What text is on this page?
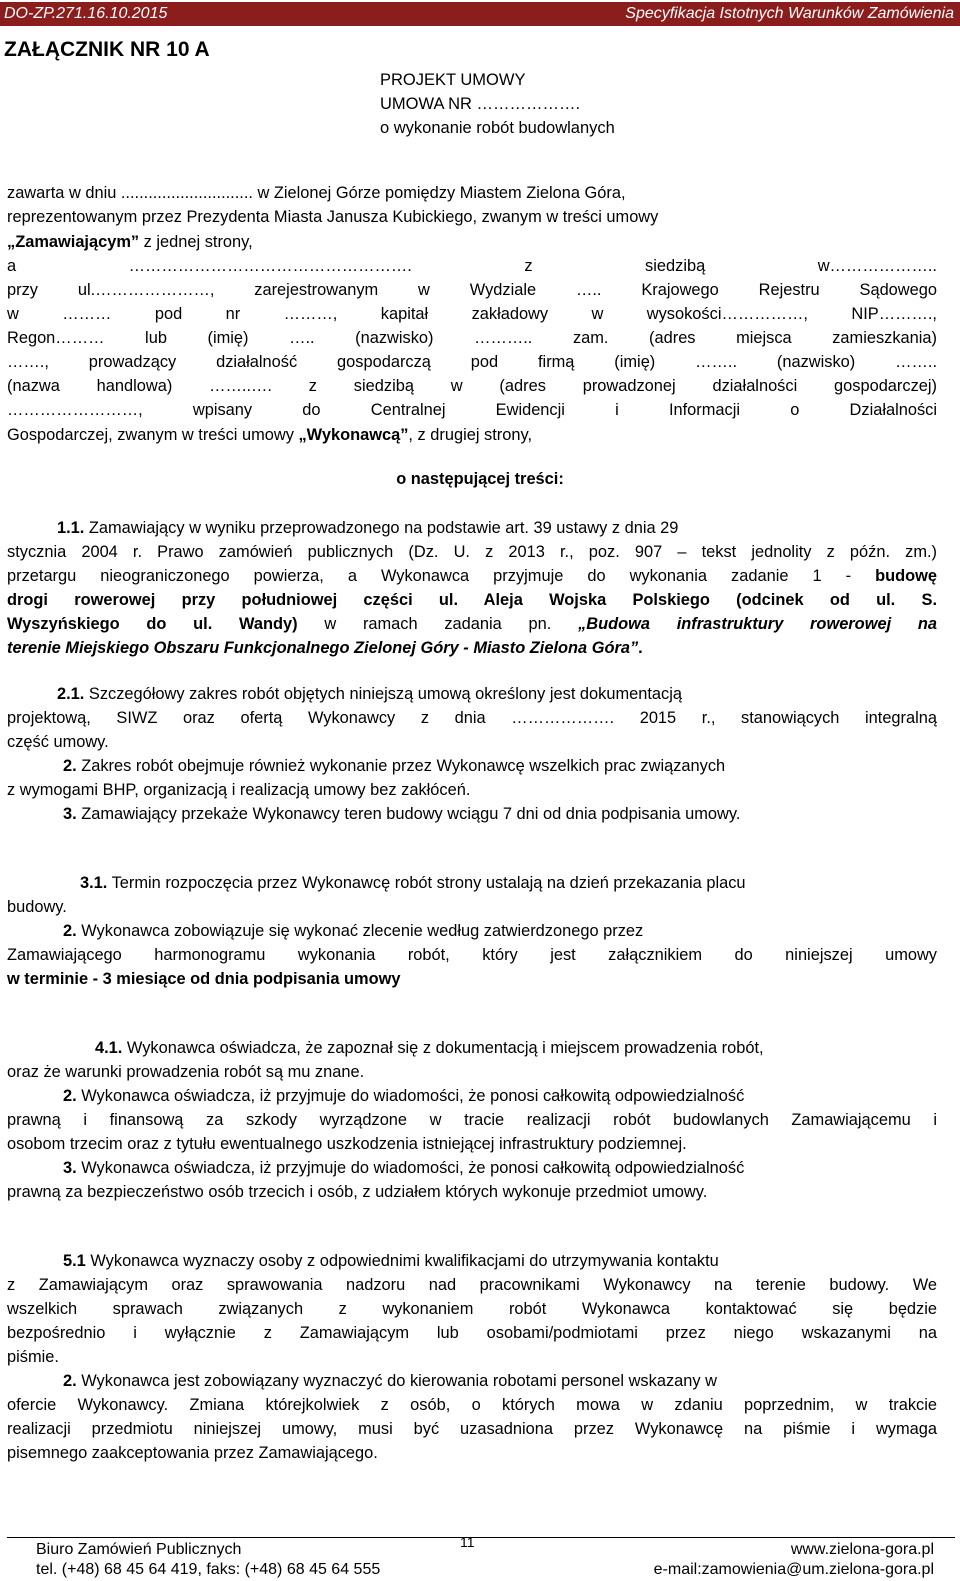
DO-ZP.271.16.10.2015	Specyfikacja Istotnych Warunków Zamówienia
ZAŁĄCZNIK NR 10 A
PROJEKT UMOWY
UMOWA NR ……………….
o wykonanie robót budowlanych
zawarta w dniu ............................. w Zielonej Górze pomiędzy Miastem Zielona Góra,
reprezentowanym przez Prezydenta Miasta Janusza Kubickiego, zwanym w treści umowy
„Zamawiającym” z jednej strony,
a ……………………………………………. z siedzibą w………………..
przy ul.…………………, zarejestrowanym w Wydziale ….. Krajowego Rejestru Sądowego
w ……… pod nr ………, kapitał zakładowy w wysokości……………, NIP……….,
Regon……… lub (imię) ….. (nazwisko) ……….. zam. (adres miejsca zamieszkania)
……., prowadzący działalność gospodarczą pod firmą (imię) …….. (nazwisko) ……..
(nazwa handlowa) ……..…. z siedzibą w (adres prowadzonej działalności gospodarczej)
……………………, wpisany do Centralnej Ewidencji i Informacji o Działalności
Gospodarczej, zwanym w treści umowy „Wykonawcą”, z drugiej strony,
o następującej treści:
1.1. Zamawiający w wyniku przeprowadzonego na podstawie art. 39 ustawy z dnia 29
stycznia 2004 r. Prawo zamówień publicznych (Dz. U. z 2013 r., poz. 907 – tekst jednolity z późn. zm.)
przetargu nieograniczonego powierza, a Wykonawca przyjmuje do wykonania zadanie 1 - budowę
drogi rowerowej przy południowej części ul. Aleja Wojska Polskiego (odcinek od ul. S.
Wyszyńskiego do ul. Wandy) w ramach zadania pn. „Budowa infrastruktury rowerowej na
terenie Miejskiego Obszaru Funkcjonalnego Zielonej Góry - Miasto Zielona Góra”.
2.1. Szczegółowy zakres robót objętych niniejszą umową określony jest dokumentacją
projektową, SIWZ oraz ofertą Wykonawcy z dnia ………………. 2015 r., stanowiących integralną
część umowy.
2. Zakres robót obejmuje również wykonanie przez Wykonawcę wszelkich prac związanych
z wymogami BHP, organizacją i realizacją umowy bez zakłóceń.
3. Zamawiający przekaże Wykonawcy teren budowy wciągu 7 dni od dnia podpisania umowy.
3.1. Termin rozpoczęcia przez Wykonawcę robót strony ustalają na dzień przekazania placu
budowy.
2. Wykonawca zobowiązuje się wykonać zlecenie według zatwierdzonego przez
Zamawiającego harmonogramu wykonania robót, który jest załącznikiem do niniejszej umowy
w terminie - 3 miesiące od dnia podpisania umowy
4.1. Wykonawca oświadcza, że zapoznał się z dokumentacją i miejscem prowadzenia robót,
oraz że warunki prowadzenia robót są mu znane.
2. Wykonawca oświadcza, iż przyjmuje do wiadomości, że ponosi całkowitą odpowiedzialność
prawną i finansową za szkody wyrządzone w tracie realizacji robót budowlanych Zamawiającemu i
osobom trzecim oraz z tytułu ewentualnego uszkodzenia istniejącej infrastruktury podziemnej.
3. Wykonawca oświadcza, iż przyjmuje do wiadomości, że ponosi całkowitą odpowiedzialność
prawną za bezpieczeństwo osób trzecich i osób, z udziałem których wykonuje przedmiot umowy.
5.1 Wykonawca wyznaczy osoby z odpowiednimi kwalifikacjami do utrzymywania kontaktu
z Zamawiającym oraz sprawowania nadzoru nad pracownikami Wykonawcy na terenie budowy. We
wszelkich sprawach związanych z wykonaniem robót Wykonawca kontaktować się będzie
bezpośrednio i wyłącznie z Zamawiającym lub osobami/podmiotami przez niego wskazanymi na
piśmie.
2. Wykonawca jest zobowiązany wyznaczyć do kierowania robotami personel wskazany w
ofercie Wykonawcy. Zmiana którejkolwiek z osób, o których mowa w zdaniu poprzednim, w trakcie
realizacji przedmiotu niniejszej umowy, musi być uzasadniona przez Wykonawcę na piśmie i wymaga
pisemnego zaakceptowania przez Zamawiającego.
Biuro Zamówień Publicznych
tel. (+48) 68 45 64 419, faks: (+48) 68 45 64 555
11	www.zielona-gora.pl
e-mail:zamowienia@um.zielona-gora.pl
